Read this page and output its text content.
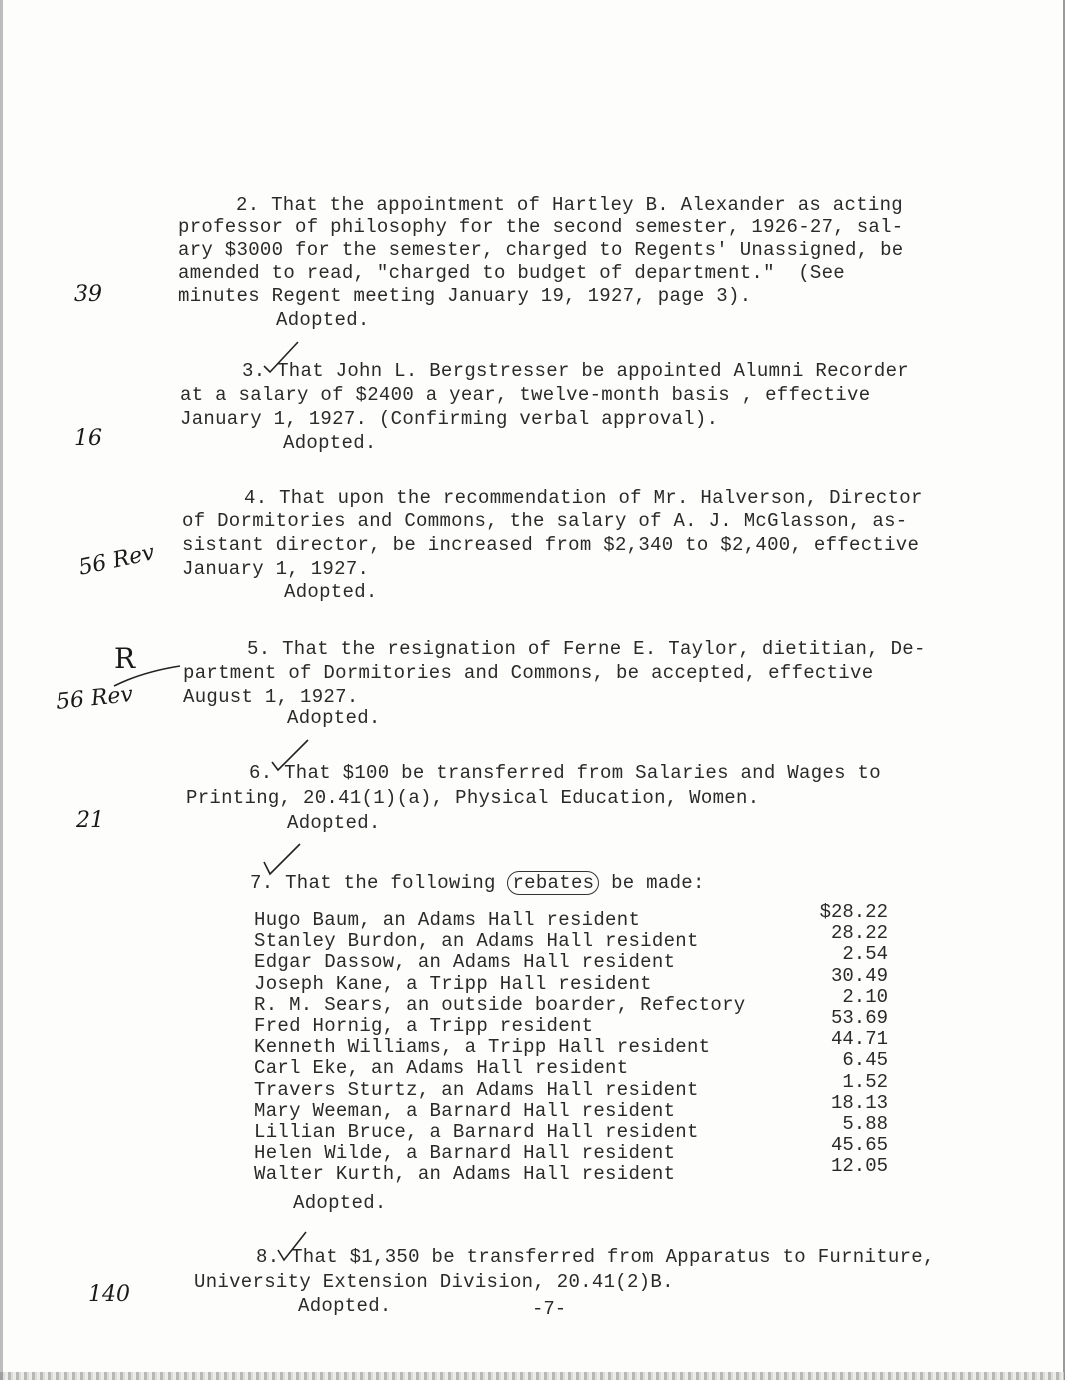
2. That the appointment of Hartley B. Alexander as acting
professor of philosophy for the second semester, 1926-27, sal-
ary $3000 for the semester, charged to Regents' Unassigned, be
amended to read, "charged to budget of department."  (See
minutes Regent meeting January 19, 1927, page 3).
Adopted.
39
3. That John L. Bergstresser be appointed Alumni Recorder
at a salary of $2400 a year, twelve-month basis , effective
January 1, 1927. (Confirming verbal approval).
Adopted.
16
4. That upon the recommendation of Mr. Halverson, Director
of Dormitories and Commons, the salary of A. J. McGlasson, as-
sistant director, be increased from $2,340 to $2,400, effective
January 1, 1927.
Adopted.
56 Rev
5. That the resignation of Ferne E. Taylor, dietitian, De-
partment of Dormitories and Commons, be accepted, effective
August 1, 1927.
Adopted.
R
56 Rev
6. That $100 be transferred from Salaries and Wages to
Printing, 20.41(1)(a), Physical Education, Women.
Adopted.
21
7. That the following rebates be made:
Hugo Baum, an Adams Hall resident	$28.22
Stanley Burdon, an Adams Hall resident	28.22
Edgar Dassow, an Adams Hall resident	2.54
Joseph Kane, a Tripp Hall resident	30.49
R. M. Sears, an outside boarder, Refectory	2.10
Fred Hornig, a Tripp resident	53.69
Kenneth Williams, a Tripp Hall resident	44.71
Carl Eke, an Adams Hall resident	6.45
Travers Sturtz, an Adams Hall resident	1.52
Mary Weeman, a Barnard Hall resident	18.13
Lillian Bruce, a Barnard Hall resident	5.88
Helen Wilde, a Barnard Hall resident	45.65
Walter Kurth, an Adams Hall resident	12.05
Adopted.
8. That $1,350 be transferred from Apparatus to Furniture,
University Extension Division, 20.41(2)B.
Adopted.
140
-7-
